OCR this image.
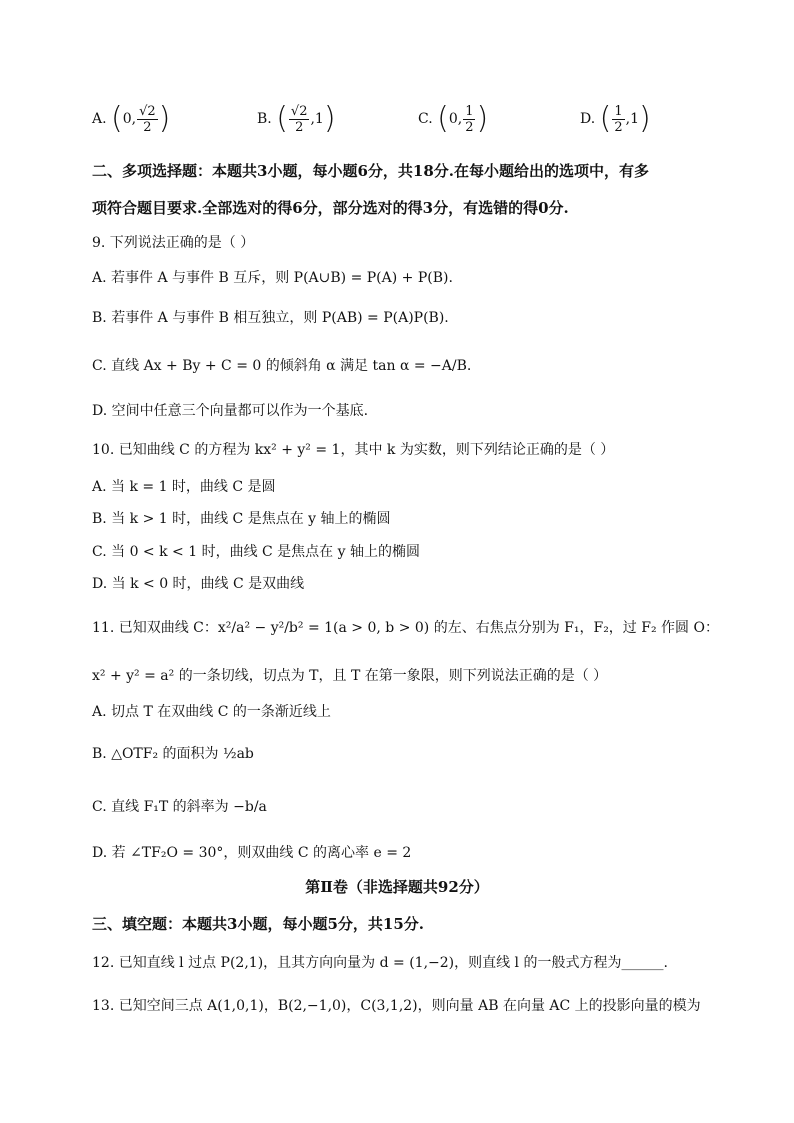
A. (0, $\frac{√2}{2}$ )	B. ( $\frac{√2}{2} ,1$)	C. (0, $\frac{1}{2}$ )	D. ( $\frac{1}{2} ,1$)
二、多项选择题：本题共3小题，每小题6分，共18分.在每小题给出的选项中，有多
项符合题目要求.全部选对的得6分，部分选对的得3分，有选错的得0分.
9. 下列说法正确的是（ ）
A. 若事件 A 与事件 B 互斥，则 P(A∪B) = P(A) + P(B).
B. 若事件 A 与事件 B 相互独立，则 P(AB) = P(A)P(B).
C. 直线 Ax + By + C = 0 的倾斜角 α 满足 tan α = −A/B.
D. 空间中任意三个向量都可以作为一个基底.
10. 已知曲线 C 的方程为 kx² + y² = 1，其中 k 为实数，则下列结论正确的是（ ）
A. 当 k = 1 时，曲线 C 是圆
B. 当 k > 1 时，曲线 C 是焦点在 y 轴上的椭圆
C. 当 0 < k < 1 时，曲线 C 是焦点在 y 轴上的椭圆
D. 当 k < 0 时，曲线 C 是双曲线
11. 已知双曲线 C：x²/a² − y²/b² = 1(a > 0, b > 0) 的左、右焦点分别为 F₁，F₂，过 F₂ 作圆 O：
x² + y² = a² 的一条切线，切点为 T，且 T 在第一象限，则下列说法正确的是（ ）
A. 切点 T 在双曲线 C 的一条渐近线上
B. △OTF₂ 的面积为 ½ab
C. 直线 F₁T 的斜率为 −b/a
D. 若 ∠TF₂O = 30°，则双曲线 C 的离心率 e = 2
第Ⅱ卷（非选择题共92分）
三、填空题：本题共3小题，每小题5分，共15分.
12. 已知直线 l 过点 P(2,1)，且其方向向量为 d = (1,−2)，则直线 l 的一般式方程为______.
13. 已知空间三点 A(1,0,1)，B(2,−1,0)，C(3,1,2)，则向量 AB 在向量 AC 上的投影向量的模为
